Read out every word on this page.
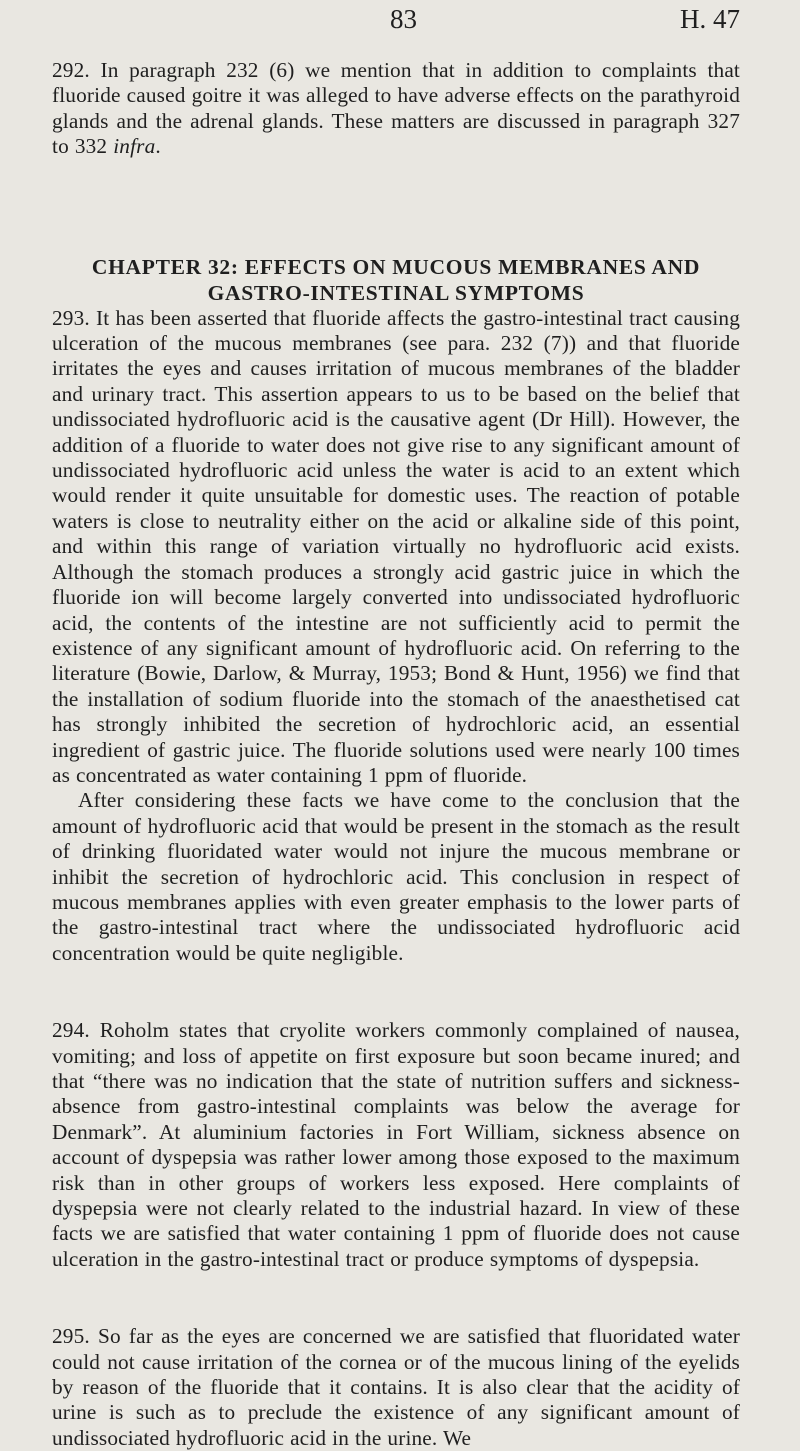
83	H. 47

292. In paragraph 232 (6) we mention that in addition to complaints that fluoride caused goitre it was alleged to have adverse effects on the parathyroid glands and the adrenal glands. These matters are discussed in paragraph 327 to 332 infra.

CHAPTER 32: EFFECTS ON MUCOUS MEMBRANES AND
GASTRO-INTESTINAL SYMPTOMS

293. It has been asserted that fluoride affects the gastro-intestinal tract causing ulceration of the mucous membranes (see para. 232 (7)) and that fluoride irritates the eyes and causes irritation of mucous membranes of the bladder and urinary tract. This assertion appears to us to be based on the belief that undissociated hydrofluoric acid is the causative agent (Dr Hill). However, the addition of a fluoride to water does not give rise to any significant amount of undissociated hydrofluoric acid unless the water is acid to an extent which would render it quite unsuitable for domestic uses. The reaction of potable waters is close to neutrality either on the acid or alkaline side of this point, and within this range of variation virtually no hydrofluoric acid exists. Although the stomach produces a strongly acid gastric juice in which the fluoride ion will become largely converted into undissociated hydrofluoric acid, the contents of the intestine are not sufficiently acid to permit the existence of any significant amount of hydrofluoric acid. On referring to the literature (Bowie, Darlow, & Murray, 1953; Bond & Hunt, 1956) we find that the installation of sodium fluoride into the stomach of the anaesthetised cat has strongly inhibited the secretion of hydrochloric acid, an essential ingredient of gastric juice. The fluoride solutions used were nearly 100 times as concentrated as water containing 1 ppm of fluoride.

After considering these facts we have come to the conclusion that the amount of hydrofluoric acid that would be present in the stomach as the result of drinking fluoridated water would not injure the mucous membrane or inhibit the secretion of hydrochloric acid. This conclusion in respect of mucous membranes applies with even greater emphasis to the lower parts of the gastro-intestinal tract where the undissociated hydrofluoric acid concentration would be quite negligible.

294. Roholm states that cryolite workers commonly complained of nausea, vomiting; and loss of appetite on first exposure but soon became inured; and that “there was no indication that the state of nutrition suffers and sickness-absence from gastro-intestinal complaints was below the average for Denmark”. At aluminium factories in Fort William, sickness absence on account of dyspepsia was rather lower among those exposed to the maximum risk than in other groups of workers less exposed. Here complaints of dyspepsia were not clearly related to the industrial hazard. In view of these facts we are satisfied that water containing 1 ppm of fluoride does not cause ulceration in the gastro-intestinal tract or produce symptoms of dyspepsia.

295. So far as the eyes are concerned we are satisfied that fluoridated water could not cause irritation of the cornea or of the mucous lining of the eyelids by reason of the fluoride that it contains. It is also clear that the acidity of urine is such as to preclude the existence of any significant amount of undissociated hydrofluoric acid in the urine. We
